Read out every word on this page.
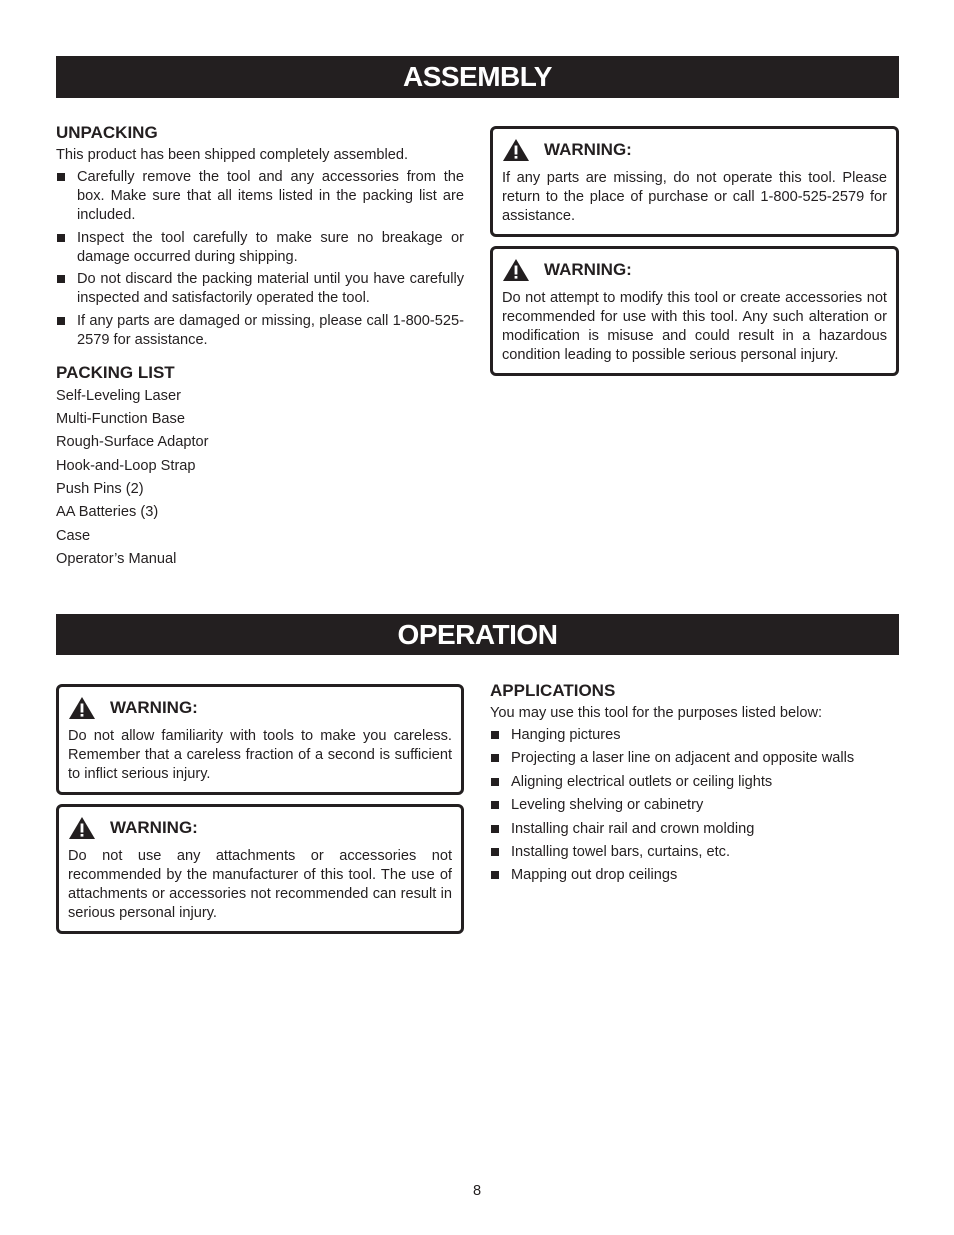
ASSEMBLY
UNPACKING

This product has been shipped completely assembled.

Carefully remove the tool and any accessories from the box. Make sure that all items listed in the packing list are included.
Inspect the tool carefully to make sure no breakage or damage occurred during shipping.
Do not discard the packing material until you have carefully inspected and satisfactorily operated the tool.
If any parts are damaged or missing, please call 1-800-525-2579 for assistance.
PACKING LIST
Self-Leveling Laser
Multi-Function Base
Rough-Surface Adaptor
Hook-and-Loop Strap
Push Pins (2)
AA Batteries (3)
Case
Operator’s Manual
WARNING:

If any parts are missing, do not operate this tool. Please return to the place of purchase or call 1-800-525-2579 for assistance.

WARNING:

Do not attempt to modify this tool or create accessories not recommended for use with this tool. Any such alteration or modification is misuse and could result in a hazardous condition leading to possible serious personal injury.

OPERATION
WARNING:

Do not allow familiarity with tools to make you careless. Remember that a careless fraction of a second is sufficient to inflict serious injury.

WARNING:

Do not use any attachments or accessories not recommended by the manufacturer of this tool. The use of attachments or accessories not recommended can result in serious personal injury.

APPLICATIONS

You may use this tool for the purposes listed below:

Hanging pictures
Projecting a laser line on adjacent and opposite walls
Aligning electrical outlets or ceiling lights
Leveling shelving or cabinetry
Installing chair rail and crown molding
Installing towel bars, curtains, etc.
Mapping out drop ceilings
8
